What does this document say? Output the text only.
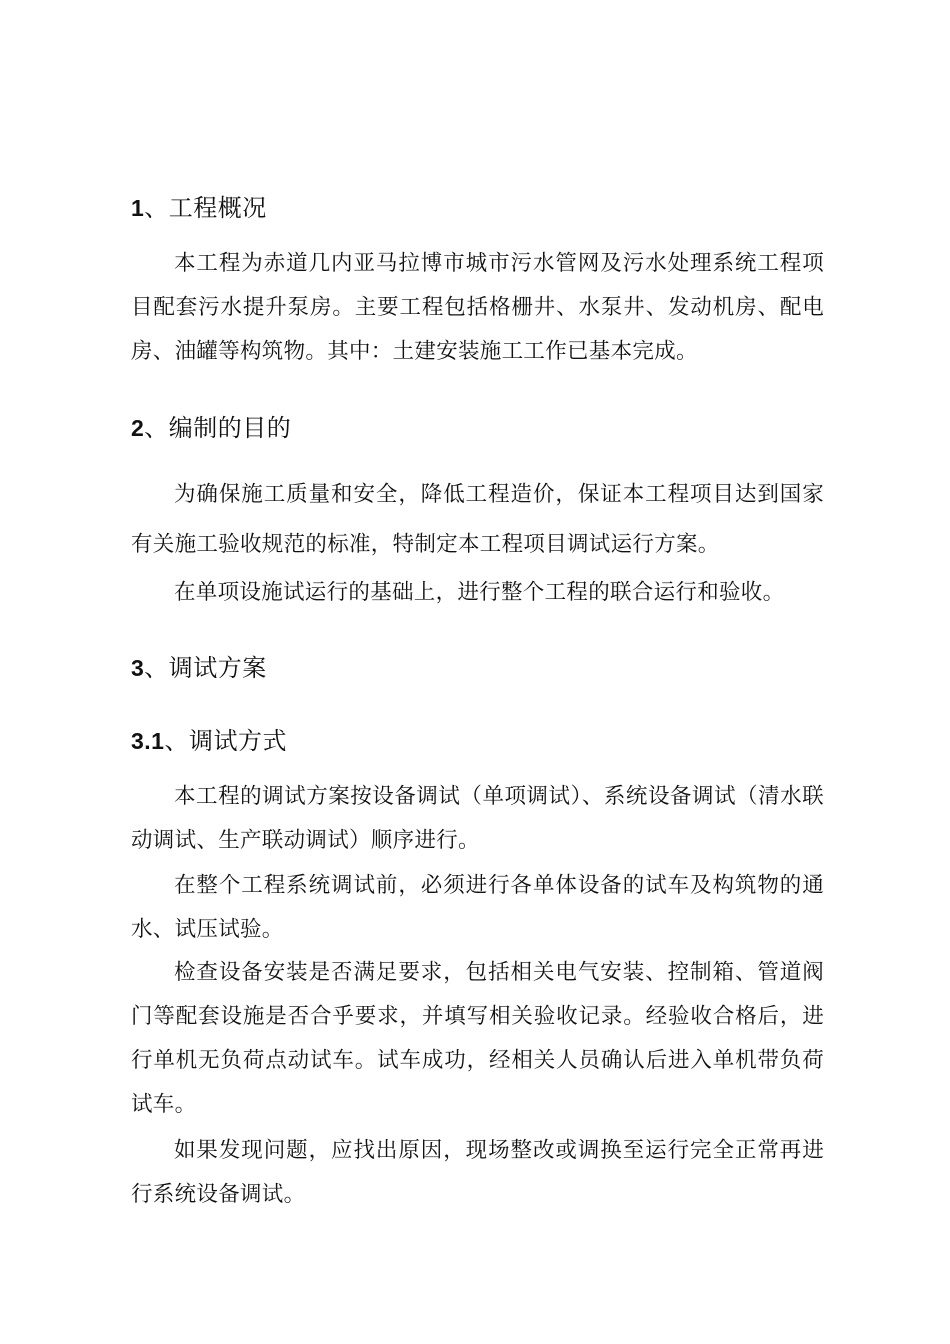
1、工程概况
本工程为赤道几内亚马拉博市城市污水管网及污水处理系统工程项目配套污水提升泵房。主要工程包括格栅井、水泵井、发动机房、配电房、油罐等构筑物。其中：土建安装施工工作已基本完成。
2、编制的目的
为确保施工质量和安全，降低工程造价，保证本工程项目达到国家有关施工验收规范的标准，特制定本工程项目调试运行方案。
在单项设施试运行的基础上，进行整个工程的联合运行和验收。
3、调试方案
3.1、调试方式
本工程的调试方案按设备调试（单项调试）、系统设备调试（清水联动调试、生产联动调试）顺序进行。
在整个工程系统调试前，必须进行各单体设备的试车及构筑物的通水、试压试验。
检查设备安装是否满足要求，包括相关电气安装、控制箱、管道阀门等配套设施是否合乎要求，并填写相关验收记录。经验收合格后，进行单机无负荷点动试车。试车成功，经相关人员确认后进入单机带负荷试车。
如果发现问题，应找出原因，现场整改或调换至运行完全正常再进行系统设备调试。
